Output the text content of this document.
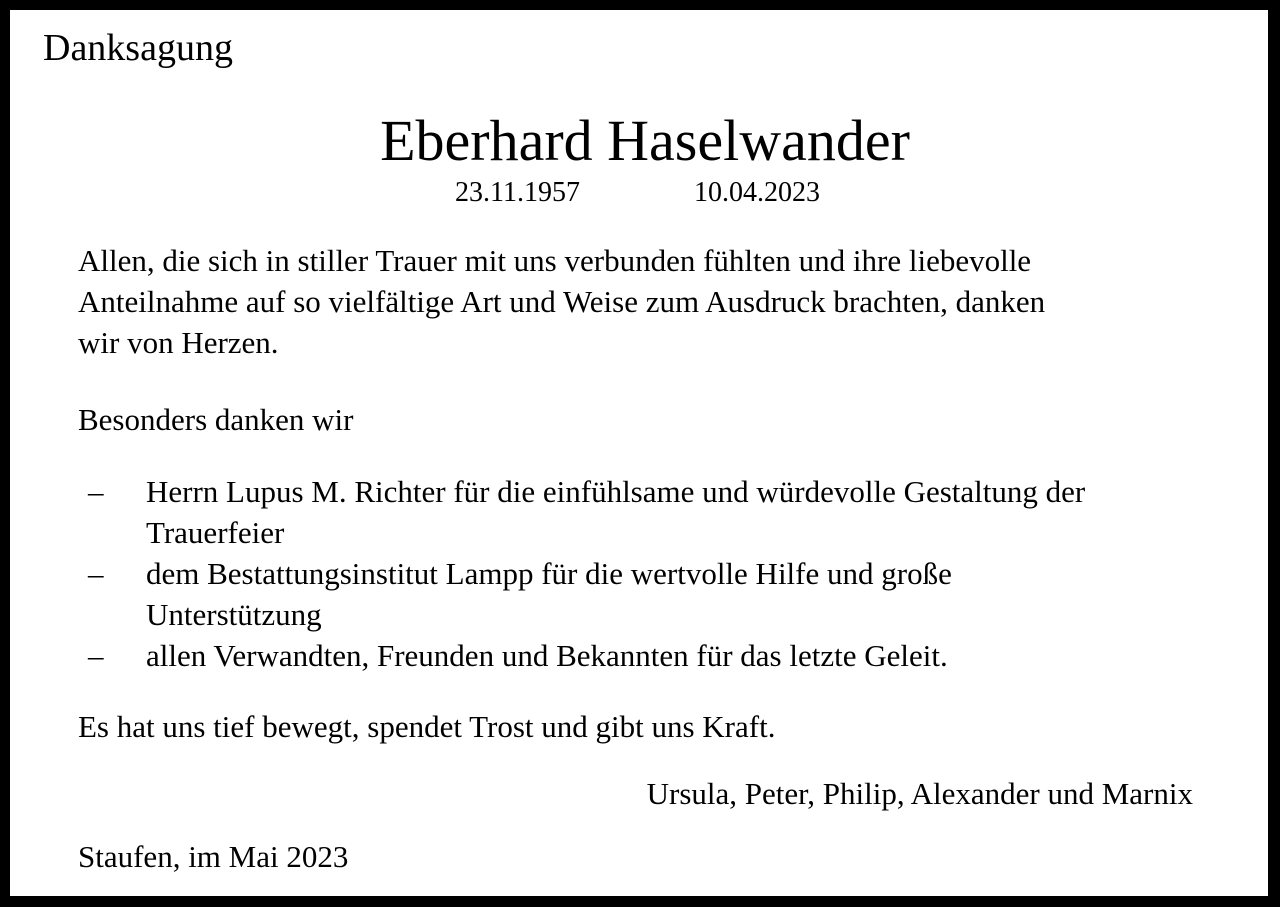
Danksagung
Eberhard Haselwander
23.11.1957	10.04.2023
Allen, die sich in stiller Trauer mit uns verbunden fühlten und ihre liebevolle
Anteilnahme auf so vielfältige Art und Weise zum Ausdruck brachten, danken
wir von Herzen.
Besonders danken wir
– Herrn Lupus M. Richter für die einfühlsame und würdevolle Gestaltung der
Trauerfeier
– dem Bestattungsinstitut Lampp für die wertvolle Hilfe und große
Unterstützung
– allen Verwandten, Freunden und Bekannten für das letzte Geleit.
Es hat uns tief bewegt, spendet Trost und gibt uns Kraft.
Ursula, Peter, Philip, Alexander und Marnix
Staufen, im Mai 2023
